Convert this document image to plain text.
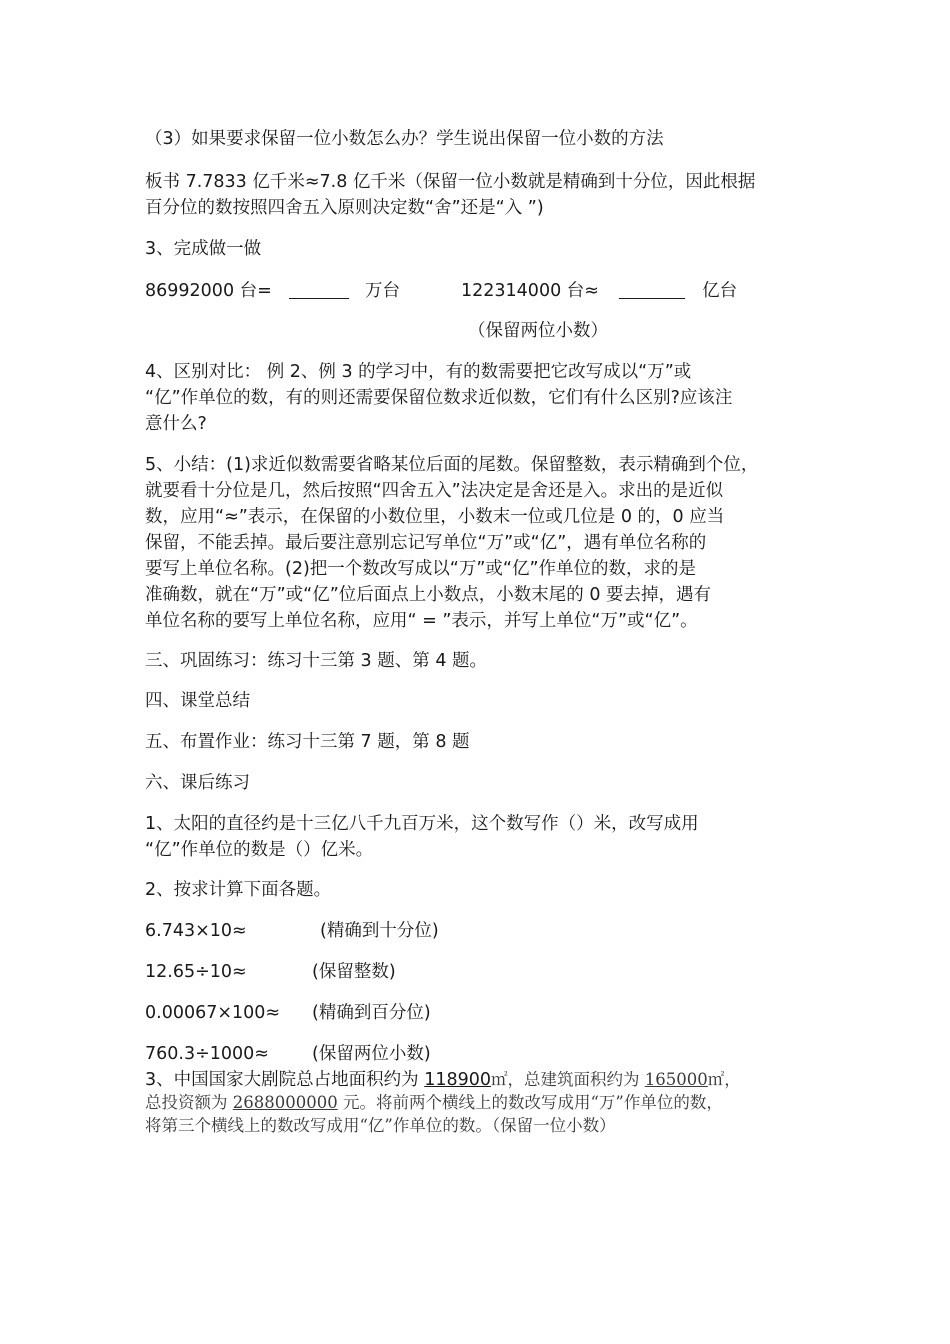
（3）如果要求保留一位小数怎么办？学生说出保留一位小数的方法
板书 7.7833 亿千米≈7.8 亿千米（保留一位小数就是精确到十分位，因此根据
百分位的数按照四舍五入原则决定数“舍”还是“入 ”)
3、完成做一做
86992000 台=	万台	122314000 台≈	亿台
（保留两位小数）
4、区别对比： 例 2、例 3 的学习中，有的数需要把它改写成以“万”或
“亿”作单位的数，有的则还需要保留位数求近似数，它们有什么区别?应该注
意什么?
5、小结：(1)求近似数需要省略某位后面的尾数。保留整数，表示精确到个位，
就要看十分位是几，然后按照“四舍五入”法决定是舍还是入。求出的是近似
数，应用“≈”表示，在保留的小数位里，小数末一位或几位是 0 的，0 应当
保留，不能丢掉。最后要注意别忘记写单位“万”或“亿”，遇有单位名称的
要写上单位名称。(2)把一个数改写成以“万”或“亿”作单位的数，求的是
准确数，就在“万”或“亿”位后面点上小数点，小数末尾的 0 要去掉，遇有
单位名称的要写上单位名称，应用“ = ”表示，并写上单位“万”或“亿”。
三、巩固练习：练习十三第 3 题、第 4 题。
四、课堂总结
五、布置作业：练习十三第 7 题，第 8 题
六、课后练习
1、太阳的直径约是十三亿八千九百万米，这个数写作（）米，改写成用
“亿”作单位的数是（）亿米。
2、按求计算下面各题。
6.743×10≈	(精确到十分位)
12.65÷10≈	(保留整数)
0.00067×100≈ (精确到百分位)
760.3÷1000≈ (保留两位小数)
3、中国国家大剧院总占地面积约为 118900㎡，总建筑面积约为 165000㎡，
总投资额为 2688000000 元。将前两个横线上的数改写成用“万”作单位的数，
将第三个横线上的数改写成用“亿”作单位的数。（保留一位小数）
